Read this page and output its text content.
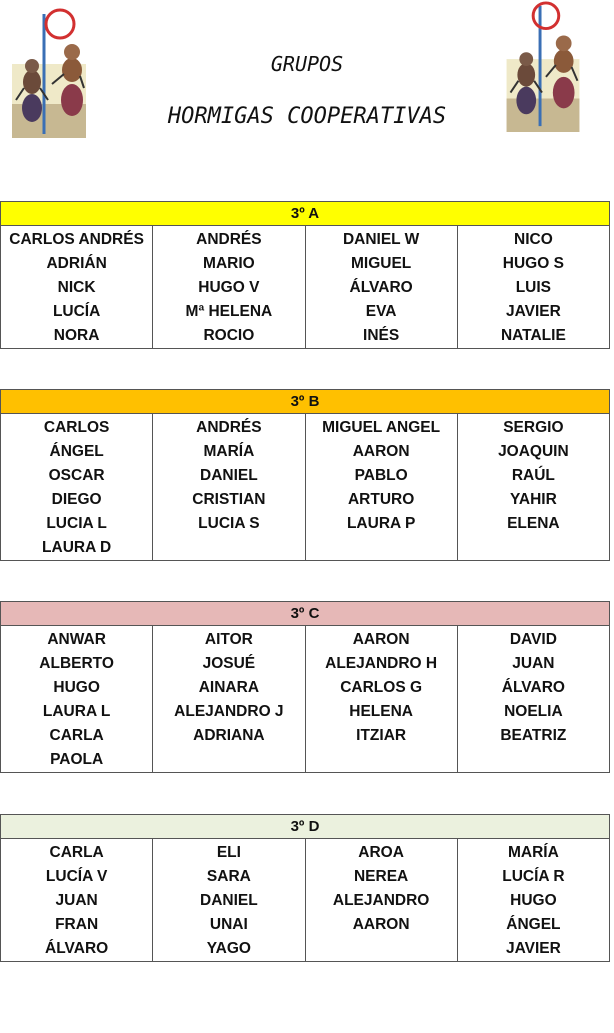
GRUPOS
HORMIGAS COOPERATIVAS
3º A
CARLOS ANDRÉS
ADRIÁN
NICK
LUCÍA
NORA
ANDRÉS
MARIO
HUGO V
Mª HELENA
ROCIO
DANIEL W
MIGUEL
ÁLVARO
EVA
INÉS
NICO
HUGO S
LUIS
JAVIER
NATALIE
3º B
CARLOS
ÁNGEL
OSCAR
DIEGO
LUCIA L
LAURA D
ANDRÉS
MARÍA
DANIEL
CRISTIAN
LUCIA S
MIGUEL ANGEL
AARON
PABLO
ARTURO
LAURA P
SERGIO
JOAQUIN
RAÚL
YAHIR
ELENA
3º C
ANWAR
ALBERTO
HUGO
LAURA L
CARLA
PAOLA
AITOR
JOSUÉ
AINARA
ALEJANDRO J
ADRIANA
AARON
ALEJANDRO H
CARLOS G
HELENA
ITZIAR
DAVID
JUAN
ÁLVARO
NOELIA
BEATRIZ
3º D
CARLA
LUCÍA V
JUAN
FRAN
ÁLVARO
ELI
SARA
DANIEL
UNAI
YAGO
AROA
NEREA
ALEJANDRO
AARON
MARÍA
LUCÍA R
HUGO
ÁNGEL
JAVIER
